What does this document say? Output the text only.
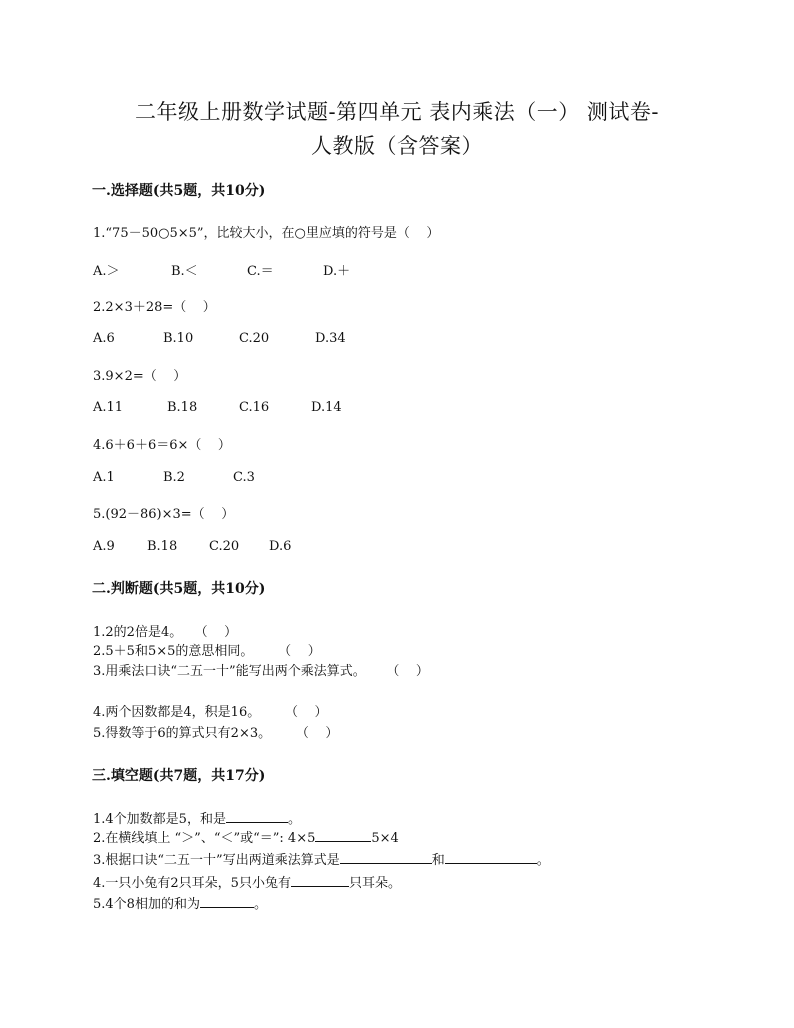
二年级上册数学试题-第四单元 表内乘法（一） 测试卷-
人教版（含答案）
一.选择题(共5题，共10分)
1.“75－50○5×5”，比较大小，在○里应填的符号是（    ）
A.＞	B.＜	C.＝	D.＋
2.2×3＋28=（    ）
A.6	B.10	C.20	D.34
3.9×2=（    ）
A.11	B.18	C.16	D.14
4.6＋6＋6＝6×（    ）
A.1	B.2	C.3
5.(92－86)×3=（    ）
A.9 B.18 C.20 D.6
二.判断题(共5题，共10分)
1.2的2倍是4。   （    ）
2.5＋5和5×5的意思相同。      （    ）
3.用乘法口诀“二五一十”能写出两个乘法算式。     （    ）
4.两个因数都是4，积是16。      （    ）
5.得数等于6的算式只有2×3。      （    ）
三.填空题(共7题，共17分)
1.4个加数都是5，和是	。
2.在横线填上 “＞”、“＜”或“＝”: 4×5	5×4
3.根据口诀“二五一十”写出两道乘法算式是	和	。
4.一只小兔有2只耳朵，5只小兔有	只耳朵。
5.4个8相加的和为	。
